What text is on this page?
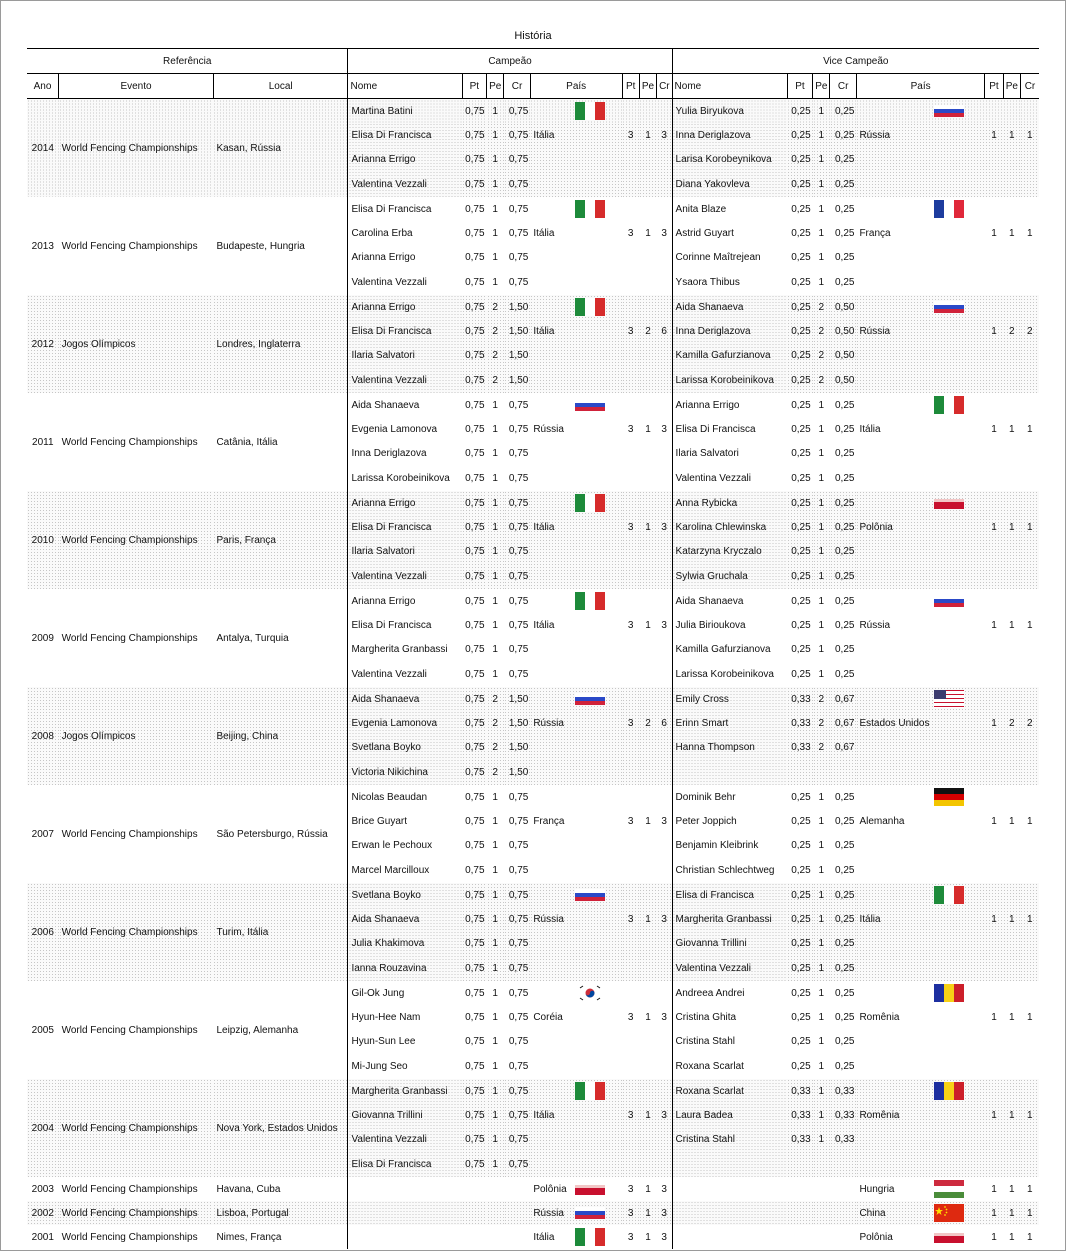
História
Referência			Campeão								Vice Campeão							
Ano	Evento	Local	Nome	Pt	Pe	Cr	País	Pt	Pe	Cr	Nome	Pt	Pe	Cr	País	Pt	Pe	Cr
2014	World Fencing Championships	Kasan, Rússia	Martina Batini	0,75	1	0,75					Yulia Biryukova	0,25	1	0,25	

			Elisa Di Francisca	0,75	1	0,75	Itália	3	1	3	Inna Deriglazova	0,25	1	0,25	Rússia	1	1	1
			Arianna Errigo	0,75	1	0,75					Larisa Korobeynikova	0,25	1	0,25				
			Valentina Vezzali	0,75	1	0,75					Diana Yakovleva	0,25	1	0,25				
2013	World Fencing Championships	Budapeste, Hungria	Elisa Di Francisca	0,75	1	0,75					Anita Blaze	0,25	1	0,25	

			Carolina Erba	0,75	1	0,75	Itália	3	1	3	Astrid Guyart	0,25	1	0,25	França	1	1	1
			Arianna Errigo	0,75	1	0,75					Corinne Maîtrejean	0,25	1	0,25				
			Valentina Vezzali	0,75	1	0,75					Ysaora Thibus	0,25	1	0,25				
2012	Jogos Olímpicos	Londres, Inglaterra	Arianna Errigo	0,75	2	1,50					Aida Shanaeva	0,25	2	0,50	

			Elisa Di Francisca	0,75	2	1,50	Itália	3	2	6	Inna Deriglazova	0,25	2	0,50	Rússia	1	2	2
			Ilaria Salvatori	0,75	2	1,50					Kamilla Gafurzianova	0,25	2	0,50				
			Valentina Vezzali	0,75	2	1,50					Larissa Korobeinikova	0,25	2	0,50				
2011	World Fencing Championships	Catânia, Itália	Aida Shanaeva	0,75	1	0,75					Arianna Errigo	0,25	1	0,25	

			Evgenia Lamonova	0,75	1	0,75	Rússia	3	1	3	Elisa Di Francisca	0,25	1	0,25	Itália	1	1	1
			Inna Deriglazova	0,75	1	0,75					Ilaria Salvatori	0,25	1	0,25				
			Larissa Korobeinikova	0,75	1	0,75					Valentina Vezzali	0,25	1	0,25				
2010	World Fencing Championships	Paris, França	Arianna Errigo	0,75	1	0,75					Anna Rybicka	0,25	1	0,25	

			Elisa Di Francisca	0,75	1	0,75	Itália	3	1	3	Karolina Chlewinska	0,25	1	0,25	Polônia	1	1	1
			Ilaria Salvatori	0,75	1	0,75					Katarzyna Kryczalo	0,25	1	0,25				
			Valentina Vezzali	0,75	1	0,75					Sylwia Gruchala	0,25	1	0,25				
2009	World Fencing Championships	Antalya, Turquia	Arianna Errigo	0,75	1	0,75					Aida Shanaeva	0,25	1	0,25	

			Elisa Di Francisca	0,75	1	0,75	Itália	3	1	3	Julia Birioukova	0,25	1	0,25	Rússia	1	1	1
			Margherita Granbassi	0,75	1	0,75					Kamilla Gafurzianova	0,25	1	0,25				
			Valentina Vezzali	0,75	1	0,75					Larissa Korobeinikova	0,25	1	0,25				
2008	Jogos Olímpicos	Beijing, China	Aida Shanaeva	0,75	2	1,50					Emily Cross	0,33	2	0,67	

			Evgenia Lamonova	0,75	2	1,50	Rússia	3	2	6	Erinn Smart	0,33	2	0,67	Estados Unidos	1	2	2
			Svetlana Boyko	0,75	2	1,50					Hanna Thompson	0,33	2	0,67				
			Victoria Nikichina	0,75	2	1,50												
2007	World Fencing Championships	São Petersburgo, Rússia	Nicolas Beaudan	0,75	1	0,75					Dominik Behr	0,25	1	0,25	

			Brice Guyart	0,75	1	0,75	França	3	1	3	Peter Joppich	0,25	1	0,25	Alemanha	1	1	1
			Erwan le Pechoux	0,75	1	0,75					Benjamin Kleibrink	0,25	1	0,25				
			Marcel Marcilloux	0,75	1	0,75					Christian Schlechtweg	0,25	1	0,25				
2006	World Fencing Championships	Turim, Itália	Svetlana Boyko	0,75	1	0,75					Elisa di Francisca	0,25	1	0,25	

			Aida Shanaeva	0,75	1	0,75	Rússia	3	1	3	Margherita Granbassi	0,25	1	0,25	Itália	1	1	1
			Julia Khakimova	0,75	1	0,75					Giovanna Trillini	0,25	1	0,25				
			Ianna Rouzavina	0,75	1	0,75					Valentina Vezzali	0,25	1	0,25				
2005	World Fencing Championships	Leipzig, Alemanha	Gil-Ok Jung	0,75	1	0,75					Andreea Andrei	0,25	1	0,25	

			Hyun-Hee Nam	0,75	1	0,75	Coréia	3	1	3	Cristina Ghita	0,25	1	0,25	Romênia	1	1	1
			Hyun-Sun Lee	0,75	1	0,75					Cristina Stahl	0,25	1	0,25				
			Mi-Jung Seo	0,75	1	0,75					Roxana Scarlat	0,25	1	0,25				
2004	World Fencing Championships	Nova York, Estados Unidos	Margherita Granbassi	0,75	1	0,75					Roxana Scarlat	0,33	1	0,33	

			Giovanna Trillini	0,75	1	0,75	Itália	3	1	3	Laura Badea	0,33	1	0,33	Romênia	1	1	1
			Valentina Vezzali	0,75	1	0,75					Cristina Stahl	0,33	1	0,33				
			Elisa Di Francisca	0,75	1	0,75												
2003	World Fencing Championships	Havana, Cuba					Polônia	3	1	3					Hungria	1	1	1
2002	World Fencing Championships	Lisboa, Portugal					Rússia	3	1	3					China	1	1	1
2001	World Fencing Championships	Nimes, França					Itália	3	1	3					Polônia	1	1	1
